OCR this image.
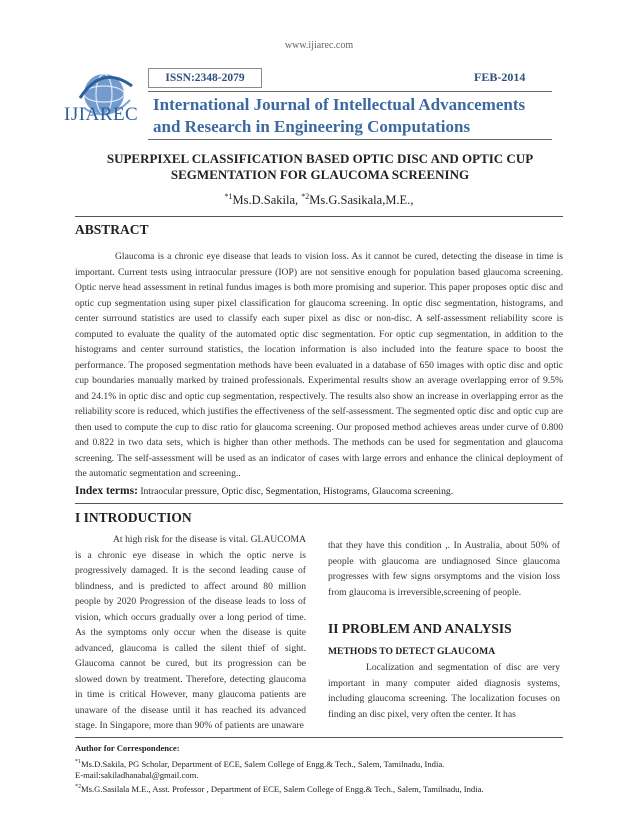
www.ijiarec.com
IJIAREC
ISSN:2348-2079	FEB-2014
International Journal of Intellectual Advancements
and Research in Engineering Computations
SUPERPIXEL CLASSIFICATION BASED OPTIC DISC AND OPTIC CUP
SEGMENTATION FOR GLAUCOMA SCREENING
$^{*1}$Ms.D.Sakila, $^{*2}$Ms.G.Sasikala,M.E.,
ABSTRACT
Glaucoma is a chronic eye disease that leads to vision loss. As it cannot be cured, detecting the disease in time is important. Current tests using intraocular pressure (IOP) are not sensitive enough for population based glaucoma screening. Optic nerve head assessment in retinal fundus images is both more promising and superior. This paper proposes optic disc and optic cup segmentation using super pixel classification for glaucoma screening. In optic disc segmentation, histograms, and center surround statistics are used to classify each super pixel as disc or non-disc. A self-assessment reliability score is computed to evaluate the quality of the automated optic disc segmentation. For optic cup segmentation, in addition to the histograms and center surround statistics, the location information is also included into the feature space to boost the performance. The proposed segmentation methods have been evaluated in a database of 650 images with optic disc and optic cup boundaries manually marked by trained professionals. Experimental results show an average overlapping error of 9.5% and 24.1% in optic disc and optic cup segmentation, respectively. The results also show an increase in overlapping error as the reliability score is reduced, which justifies the effectiveness of the self-assessment. The segmented optic disc and optic cup are then used to compute the cup to disc ratio for glaucoma screening. Our proposed method achieves areas under curve of 0.800 and 0.822 in two data sets, which is higher than other methods. The methods can be used for segmentation and glaucoma screening. The self-assessment will be used as an indicator of cases with large errors and enhance the clinical deployment of the automatic segmentation and screening..
Index terms: Intraocular pressure, Optic disc, Segmentation, Histograms, Glaucoma screening.
I INTRODUCTION
At high risk for the disease is vital. GLAUCOMA is a chronic eye disease in which the optic nerve is progressively damaged. It is the second leading cause of blindness, and is predicted to affect around 80 million people by 2020 Progression of the disease leads to loss of vision, which occurs gradually over a long period of time. As the symptoms only occur when the disease is quite advanced, glaucoma is called the silent thief of sight. Glaucoma cannot be cured, but its progression can be slowed down by treatment. Therefore, detecting glaucoma in time is critical However, many glaucoma patients are unaware of the disease until it has reached its advanced stage. In Singapore, more than 90% of patients are unaware
that they have this condition ,. In Australia, about 50% of people with glaucoma are undiagnosed Since glaucoma progresses with few signs orsymptoms and the vision loss from glaucoma is irreversible,screening of people.
II PROBLEM AND ANALYSIS
METHODS TO DETECT GLAUCOMA
Localization and segmentation of disc are very important in many computer aided diagnosis systems, including glaucoma screening. The localization focuses on finding an disc pixel, very often the center. It has
Author for Correspondence:
$^{*1}$Ms.D.Sakila, PG Scholar, Department of ECE, Salem College of Engg.& Tech., Salem, Tamilnadu, India.
E-mail:sakiladhanabal@gmail.com.
$^{*2}$Ms.G.Sasilala M.E., Asst. Professor , Department of ECE, Salem College of Engg.& Tech., Salem, Tamilnadu, India.
